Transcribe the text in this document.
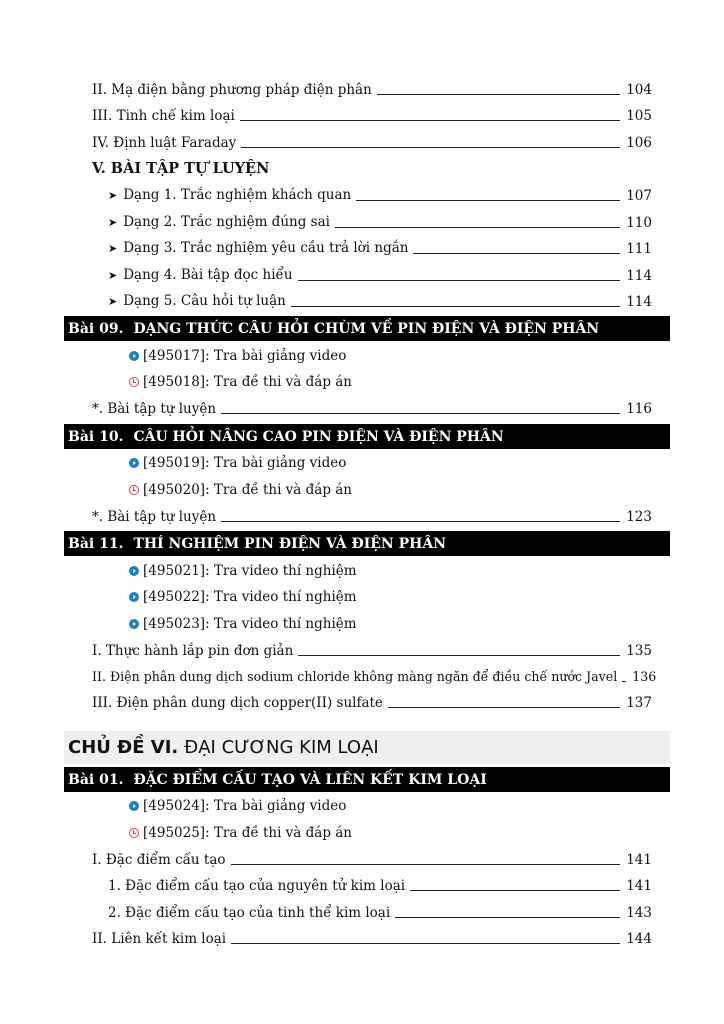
II. Mạ điện bằng phương pháp điện phân	104
III. Tinh chế kim loại	105
IV. Định luật Faraday	106
V. BÀI TẬP TỰ LUYỆN
➤ Dạng 1. Trắc nghiệm khách quan	107
➤ Dạng 2. Trắc nghiệm đúng sai	110
➤ Dạng 3. Trắc nghiệm yêu cầu trả lời ngắn	111
➤ Dạng 4. Bài tập đọc hiểu	114
➤ Dạng 5. Câu hỏi tự luận	114
Bài 09. DẠNG THỨC CÂU HỎI CHÙM VỀ PIN ĐIỆN VÀ ĐIỆN PHÂN
[495017]: Tra bài giảng video
[495018]: Tra đề thi và đáp án
*. Bài tập tự luyện	116
Bài 10. CÂU HỎI NÂNG CAO PIN ĐIỆN VÀ ĐIỆN PHÂN
[495019]: Tra bài giảng video
[495020]: Tra đề thi và đáp án
*. Bài tập tự luyện	123
Bài 11. THÍ NGHIỆM PIN ĐIỆN VÀ ĐIỆN PHÂN
[495021]: Tra video thí nghiệm
[495022]: Tra video thí nghiệm
[495023]: Tra video thí nghiệm
I. Thực hành lắp pin đơn giản	135
II. Điện phân dung dịch sodium chloride không màng ngăn để điều chế nước Javel 136
III. Điện phân dung dịch copper(II) sulfate	137
CHỦ ĐỀ VI. ĐẠI CƯƠNG KIM LOẠI
Bài 01. ĐẶC ĐIỂM CẤU TẠO VÀ LIÊN KẾT KIM LOẠI
[495024]: Tra bài giảng video
[495025]: Tra đề thi và đáp án
I. Đặc điểm cấu tạo	141
1. Đặc điểm cấu tạo của nguyên tử kim loại	141
2. Đặc điểm cấu tạo của tinh thể kim loại	143
II. Liên kết kim loại	144
